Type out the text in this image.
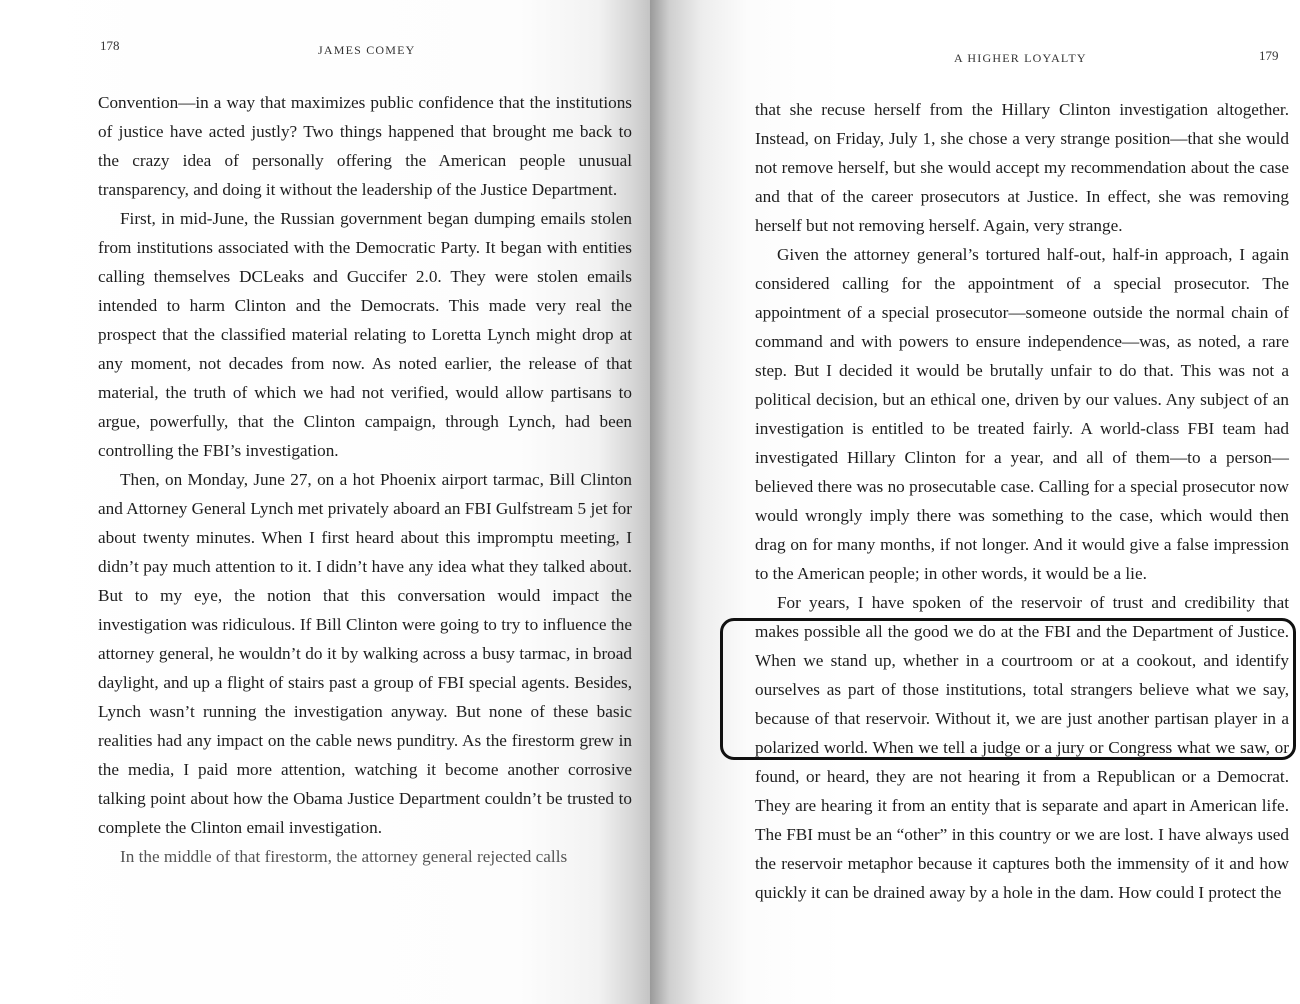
178	JAMES COMEY

Convention—in a way that maximizes public confidence that the institutions of justice have acted justly? Two things happened that brought me back to the crazy idea of personally offering the American people unusual transparency, and doing it without the leadership of the Justice Department.

First, in mid-June, the Russian government began dumping emails stolen from institutions associated with the Democratic Party. It began with entities calling themselves DCLeaks and Guccifer 2.0. They were stolen emails intended to harm Clinton and the Democrats. This made very real the prospect that the classified material relating to Loretta Lynch might drop at any moment, not decades from now. As noted earlier, the release of that material, the truth of which we had not verified, would allow partisans to argue, powerfully, that the Clinton campaign, through Lynch, had been controlling the FBI’s investigation.

Then, on Monday, June 27, on a hot Phoenix airport tarmac, Bill Clinton and Attorney General Lynch met privately aboard an FBI Gulfstream 5 jet for about twenty minutes. When I first heard about this impromptu meeting, I didn’t pay much attention to it. I didn’t have any idea what they talked about. But to my eye, the notion that this conversation would impact the investigation was ridiculous. If Bill Clinton were going to try to influence the attorney general, he wouldn’t do it by walking across a busy tarmac, in broad daylight, and up a flight of stairs past a group of FBI special agents. Besides, Lynch wasn’t running the investigation anyway. But none of these basic realities had any impact on the cable news punditry. As the firestorm grew in the media, I paid more attention, watching it become another corrosive talking point about how the Obama Justice Department couldn’t be trusted to complete the Clinton email investigation.

In the middle of that firestorm, the attorney general rejected calls

A HIGHER LOYALTY	179

that she recuse herself from the Hillary Clinton investigation altogether. Instead, on Friday, July 1, she chose a very strange position—that she would not remove herself, but she would accept my recommendation about the case and that of the career prosecutors at Justice. In effect, she was removing herself but not removing herself. Again, very strange.

Given the attorney general’s tortured half-out, half-in approach, I again considered calling for the appointment of a special prosecutor. The appointment of a special prosecutor—someone outside the normal chain of command and with powers to ensure independence—was, as noted, a rare step. But I decided it would be brutally unfair to do that. This was not a political decision, but an ethical one, driven by our values. Any subject of an investigation is entitled to be treated fairly. A world-class FBI team had investigated Hillary Clinton for a year, and all of them—to a person—believed there was no prosecutable case. Calling for a special prosecutor now would wrongly imply there was something to the case, which would then drag on for many months, if not longer. And it would give a false impression to the American people; in other words, it would be a lie.

For years, I have spoken of the reservoir of trust and credibility that makes possible all the good we do at the FBI and the Department of Justice. When we stand up, whether in a courtroom or at a cookout, and identify ourselves as part of those institutions, total strangers believe what we say, because of that reservoir. Without it, we are just another partisan player in a polarized world. When we tell a judge or a jury or Congress what we saw, or found, or heard, they are not hearing it from a Republican or a Democrat. They are hearing it from an entity that is separate and apart in American life. The FBI must be an “other” in this country or we are lost. I have always used the reservoir metaphor because it captures both the immensity of it and how quickly it can be drained away by a hole in the dam. How could I protect the
